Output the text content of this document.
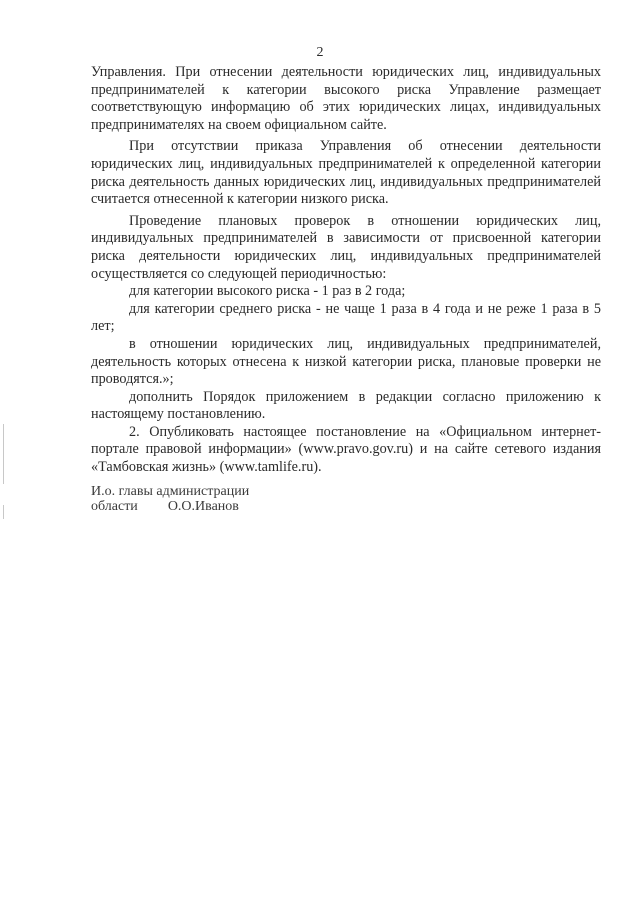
2

Управления. При отнесении деятельности юридических лиц, индивидуальных предпринимателей к категории высокого риска Управление размещает соответствующую информацию об этих юридических лицах, индивидуальных предпринимателях на своем официальном сайте.

При отсутствии приказа Управления об отнесении деятельности юридических лиц, индивидуальных предпринимателей к определенной категории риска деятельность данных юридических лиц, индивидуальных предпринимателей считается отнесенной к категории низкого риска.

Проведение плановых проверок в отношении юридических лиц, индивидуальных предпринимателей в зависимости от присвоенной категории риска деятельности юридических лиц, индивидуальных предпринимателей осуществляется со следующей периодичностью:

для категории высокого риска - 1 раз в 2 года;

для категории среднего риска - не чаще 1 раза в 4 года и не реже 1 раза в 5 лет;

в отношении юридических лиц, индивидуальных предпринимателей, деятельность которых отнесена к низкой категории риска, плановые проверки не проводятся.»;

дополнить Порядок приложением в редакции согласно приложению к настоящему постановлению.

2. Опубликовать настоящее постановление на «Официальном интернет-портале правовой информации» (www.pravo.gov.ru) и на сайте сетевого издания «Тамбовская жизнь» (www.tamlife.ru).

И.о. главы администрации
области О.О.Иванов
